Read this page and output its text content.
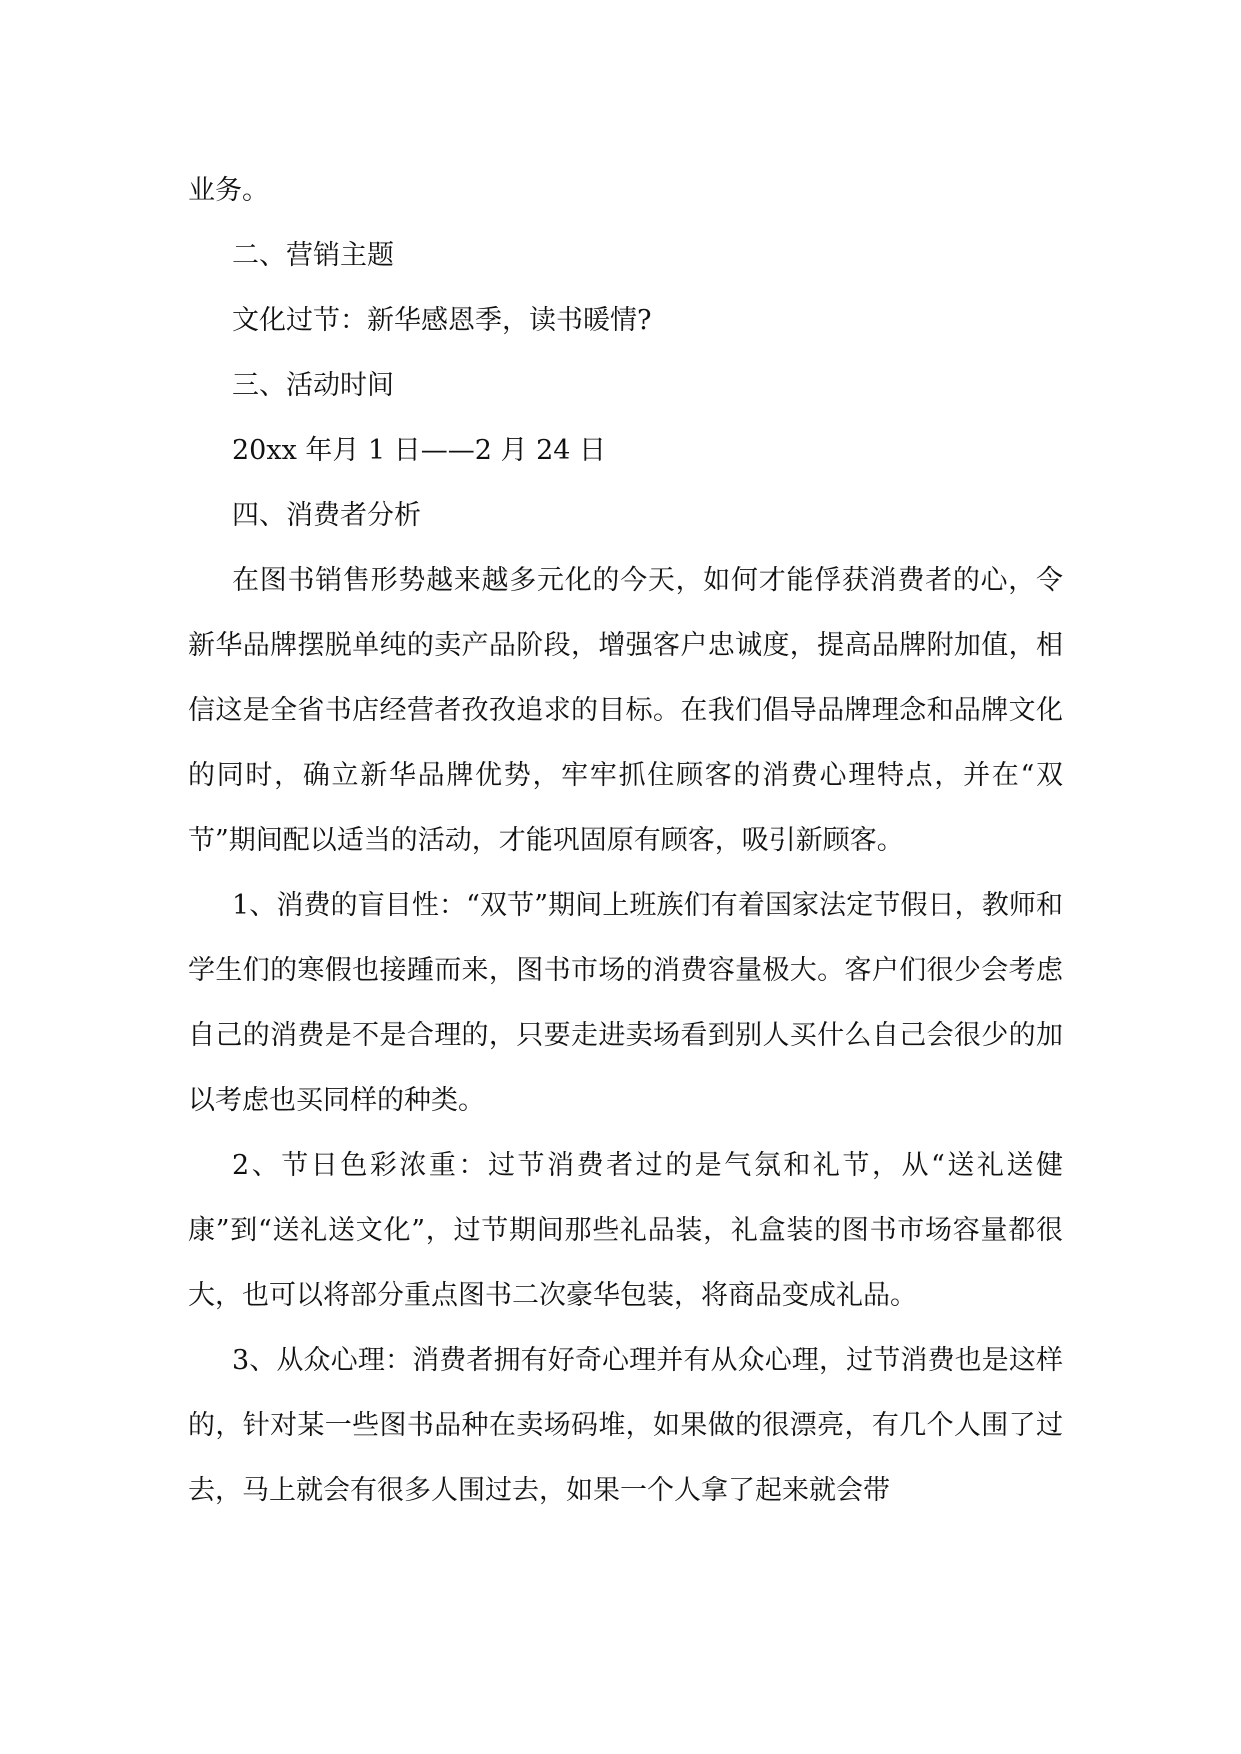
业务。

二、营销主题

文化过节：新华感恩季，读书暖情?

三、活动时间

20xx 年月 1 日——2 月 24 日

四、消费者分析

在图书销售形势越来越多元化的今天，如何才能俘获消费者的心，令新华品牌摆脱单纯的卖产品阶段，增强客户忠诚度，提高品牌附加值，相信这是全省书店经营者孜孜追求的目标。在我们倡导品牌理念和品牌文化的同时，确立新华品牌优势，牢牢抓住顾客的消费心理特点，并在“双节”期间配以适当的活动，才能巩固原有顾客，吸引新顾客。

1、消费的盲目性：“双节”期间上班族们有着国家法定节假日，教师和学生们的寒假也接踵而来，图书市场的消费容量极大。客户们很少会考虑自己的消费是不是合理的，只要走进卖场看到别人买什么自己会很少的加以考虑也买同样的种类。

2、节日色彩浓重：过节消费者过的是气氛和礼节，从“送礼送健康”到“送礼送文化”，过节期间那些礼品装，礼盒装的图书市场容量都很大，也可以将部分重点图书二次豪华包装，将商品变成礼品。

3、从众心理：消费者拥有好奇心理并有从众心理，过节消费也是这样的，针对某一些图书品种在卖场码堆，如果做的很漂亮，有几个人围了过去，马上就会有很多人围过去，如果一个人拿了起来就会带
